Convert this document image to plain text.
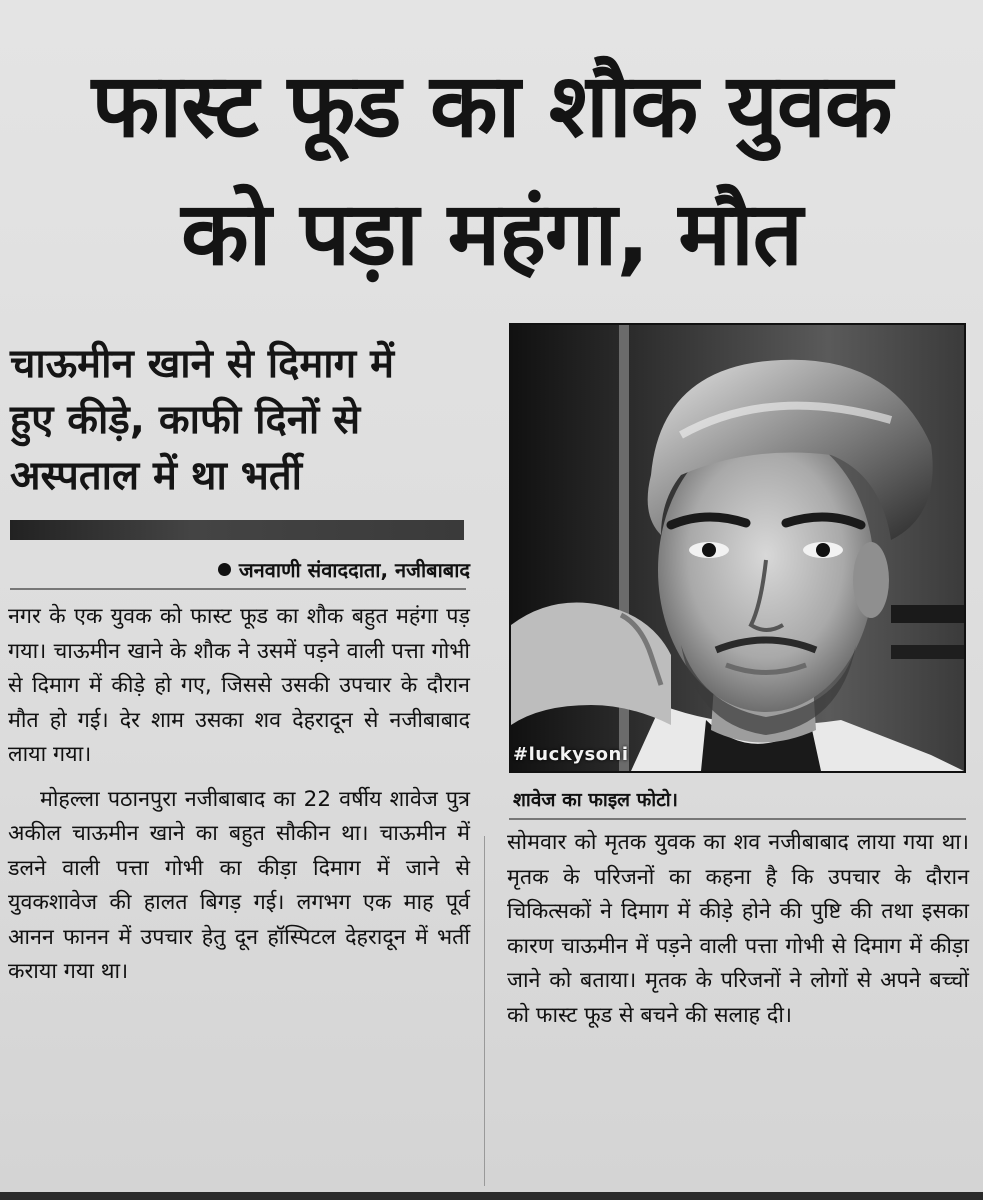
फास्ट फूड का शौक युवक
को पड़ा महंगा, मौत
चाऊमीन खाने से दिमाग में
हुए कीड़े, काफी दिनों से
अस्पताल में था भर्ती
जनवाणी संवाददाता, नजीबाबाद

नगर के एक युवक को फास्ट फूड का शौक बहुत महंगा पड़ गया। चाऊमीन खाने के शौक ने उसमें पड़ने वाली पत्ता गोभी से दिमाग में कीड़े हो गए, जिससे उसकी उपचार के दौरान मौत हो गई। देर शाम उसका शव देहरादून से नजीबाबाद लाया गया।

मोहल्ला पठानपुरा नजीबाबाद का 22 वर्षीय शावेज पुत्र अकील चाऊमीन खाने का बहुत सौकीन था। चाऊमीन में डलने वाली पत्ता गोभी का कीड़ा दिमाग में जाने से युवकशावेज की हालत बिगड़ गई। लगभग एक माह पूर्व आनन फानन में उपचार हेतु दून हॉस्पिटल देहरादून में भर्ती कराया गया था।

#luckysoni
शावेज का फाइल फोटो।

सोमवार को मृतक युवक का शव नजीबाबाद लाया गया था। मृतक के परिजनों का कहना है कि उपचार के दौरान चिकित्सकों ने दिमाग में कीड़े होने की पुष्टि की तथा इसका कारण चाऊमीन में पड़ने वाली पत्ता गोभी से दिमाग में कीड़ा जाने को बताया। मृतक के परिजनों ने लोगों से अपने बच्चों को फास्ट फूड से बचने की सलाह दी।
